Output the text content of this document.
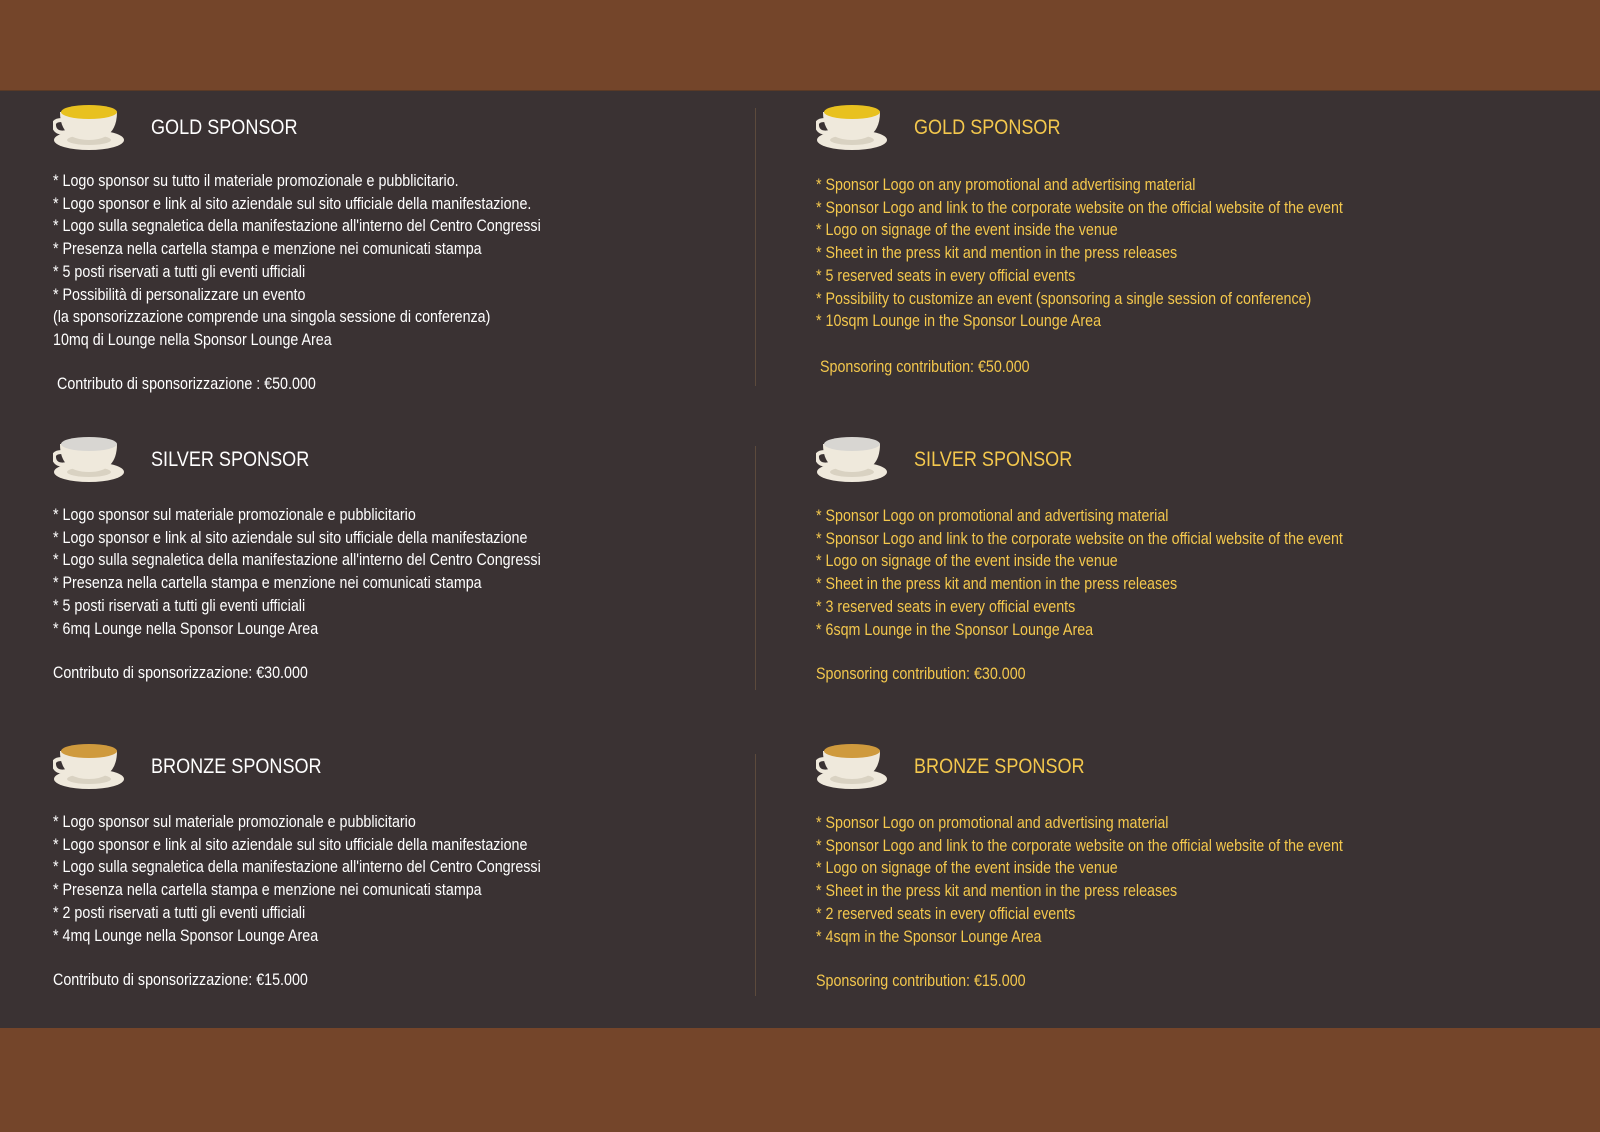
GOLD SPONSOR
* Logo sponsor su tutto il materiale promozionale e pubblicitario.
* Logo sponsor e link al sito aziendale sul sito ufficiale della manifestazione.
* Logo sulla segnaletica della manifestazione all'interno del Centro Congressi
* Presenza nella cartella stampa e menzione nei comunicati stampa
* 5 posti riservati a tutti gli eventi ufficiali
* Possibilità di personalizzare un evento
(la sponsorizzazione comprende una singola sessione di conferenza)
10mq di Lounge nella Sponsor Lounge Area
Contributo di sponsorizzazione : €50.000
SILVER SPONSOR
* Logo sponsor sul materiale promozionale e pubblicitario
* Logo sponsor e link al sito aziendale sul sito ufficiale della manifestazione
* Logo sulla segnaletica della manifestazione all'interno del Centro Congressi
* Presenza nella cartella stampa e menzione nei comunicati stampa
* 5 posti riservati a tutti gli eventi ufficiali
* 6mq Lounge nella Sponsor Lounge Area
Contributo di sponsorizzazione: €30.000
BRONZE SPONSOR
* Logo sponsor sul materiale promozionale e pubblicitario
* Logo sponsor e link al sito aziendale sul sito ufficiale della manifestazione
* Logo sulla segnaletica della manifestazione all'interno del Centro Congressi
* Presenza nella cartella stampa e menzione nei comunicati stampa
* 2 posti riservati a tutti gli eventi ufficiali
* 4mq Lounge nella Sponsor Lounge Area
Contributo di sponsorizzazione: €15.000
GOLD SPONSOR
* Sponsor Logo on any promotional and advertising material
* Sponsor Logo and link to the corporate website on the official website of the event
* Logo on signage of the event inside the venue
* Sheet in the press kit and mention in the press releases
* 5 reserved seats in every official events
* Possibility to customize an event (sponsoring a single session of conference)
* 10sqm Lounge in the Sponsor Lounge Area
Sponsoring contribution: €50.000
SILVER SPONSOR
* Sponsor Logo on promotional and advertising material
* Sponsor Logo and link to the corporate website on the official website of the event
* Logo on signage of the event inside the venue
* Sheet in the press kit and mention in the press releases
* 3 reserved seats in every official events
* 6sqm Lounge in the Sponsor Lounge Area
Sponsoring contribution: €30.000
BRONZE SPONSOR
* Sponsor Logo on promotional and advertising material
* Sponsor Logo and link to the corporate website on the official website of the event
* Logo on signage of the event inside the venue
* Sheet in the press kit and mention in the press releases
* 2 reserved seats in every official events
* 4sqm in the Sponsor Lounge Area
Sponsoring contribution: €15.000
